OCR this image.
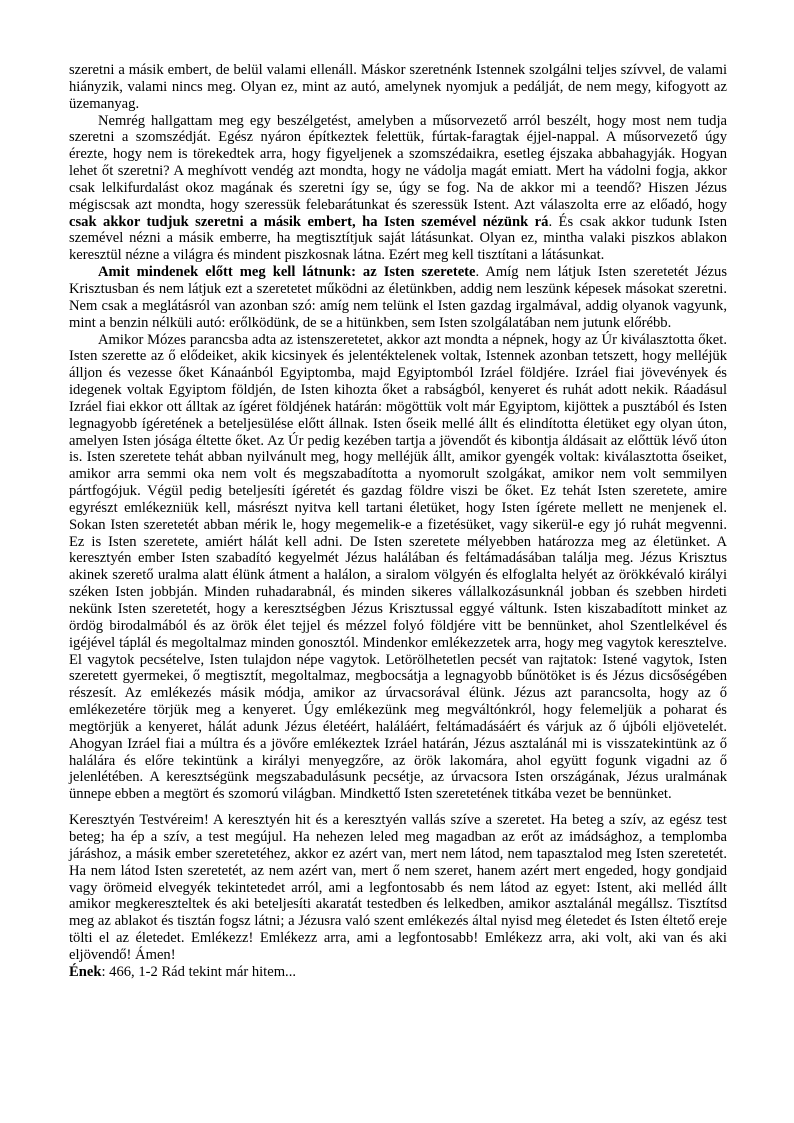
szeretni a másik embert, de belül valami ellenáll. Máskor szeretnénk Istennek szolgálni teljes szívvel, de valami hiányzik, valami nincs meg. Olyan ez, mint az autó, amelynek nyomjuk a pedálját, de nem megy, kifogyott az üzemanyag.

Nemrég hallgattam meg egy beszélgetést, amelyben a műsorvezető arról beszélt, hogy most nem tudja szeretni a szomszédját. Egész nyáron építkeztek felettük, fúrtak-faragtak éjjel-nappal. A műsorvezető úgy érezte, hogy nem is törekedtek arra, hogy figyeljenek a szomszédaikra, esetleg éjszaka abbahagyják. Hogyan lehet őt szeretni? A meghívott vendég azt mondta, hogy ne vádolja magát emiatt. Mert ha vádolni fogja, akkor csak lelkifurdalást okoz magának és szeretni így se, úgy se fog. Na de akkor mi a teendő? Hiszen Jézus mégiscsak azt mondta, hogy szeressük felebarátunkat és szeressük Istent. Azt válaszolta erre az előadó, hogy csak akkor tudjuk szeretni a másik embert, ha Isten szemével nézünk rá. És csak akkor tudunk Isten szemével nézni a másik emberre, ha megtisztítjuk saját látásunkat. Olyan ez, mintha valaki piszkos ablakon keresztül nézne a világra és mindent piszkosnak látna. Ezért meg kell tisztítani a látásunkat.

Amit mindenek előtt meg kell látnunk: az Isten szeretete. Amíg nem látjuk Isten szeretetét Jézus Krisztusban és nem látjuk ezt a szeretetet működni az életünkben, addig nem leszünk képesek másokat szeretni. Nem csak a meglátásról van azonban szó: amíg nem telünk el Isten gazdag irgalmával, addig olyanok vagyunk, mint a benzin nélküli autó: erőlködünk, de se a hitünkben, sem Isten szolgálatában nem jutunk előrébb.

Amikor Mózes parancsba adta az istenszeretetet, akkor azt mondta a népnek, hogy az Úr kiválasztotta őket. Isten szerette az ő elődeiket, akik kicsinyek és jelentéktelenek voltak, Istennek azonban tetszett, hogy melléjük álljon és vezesse őket Kánaánból Egyiptomba, majd Egyiptomból Izráel földjére. Izráel fiai jövevények és idegenek voltak Egyiptom földjén, de Isten kihozta őket a rabságból, kenyeret és ruhát adott nekik. Ráadásul Izráel fiai ekkor ott álltak az ígéret földjének határán: mögöttük volt már Egyiptom, kijöttek a pusztából és Isten legnagyobb ígéretének a beteljesülése előtt állnak. Isten őseik mellé állt és elindította életüket egy olyan úton, amelyen Isten jósága éltette őket. Az Úr pedig kezében tartja a jövendőt és kibontja áldásait az előttük lévő úton is. Isten szeretete tehát abban nyilvánult meg, hogy melléjük állt, amikor gyengék voltak: kiválasztotta őseiket, amikor arra semmi oka nem volt és megszabadította a nyomorult szolgákat, amikor nem volt semmilyen pártfogójuk. Végül pedig beteljesíti ígéretét és gazdag földre viszi be őket. Ez tehát Isten szeretete, amire egyrészt emlékezniük kell, másrészt nyitva kell tartani életüket, hogy Isten ígérete mellett ne menjenek el. Sokan Isten szeretetét abban mérik le, hogy megemelik-e a fizetésüket, vagy sikerül-e egy jó ruhát megvenni. Ez is Isten szeretete, amiért hálát kell adni. De Isten szeretete mélyebben határozza meg az életünket. A keresztyén ember Isten szabadító kegyelmét Jézus halálában és feltámadásában találja meg. Jézus Krisztus akinek szerető uralma alatt élünk átment a halálon, a siralom völgyén és elfoglalta helyét az örökkévaló királyi széken Isten jobbján. Minden ruhadarabnál, és minden sikeres vállalkozásunknál jobban és szebben hirdeti nekünk Isten szeretetét, hogy a keresztségben Jézus Krisztussal eggyé váltunk. Isten kiszabadított minket az ördög birodalmából és az örök élet tejjel és mézzel folyó földjére vitt be bennünket, ahol Szentlelkével és igéjével táplál és megoltalmaz minden gonosztól. Mindenkor emlékezzetek arra, hogy meg vagytok keresztelve. El vagytok pecsételve, Isten tulajdon népe vagytok. Letörölhetetlen pecsét van rajtatok: Istené vagytok, Isten szeretett gyermekei, ő megtisztít, megoltalmaz, megbocsátja a legnagyobb bűnötöket is és Jézus dicsőségében részesít. Az emlékezés másik módja, amikor az úrvacsorával élünk. Jézus azt parancsolta, hogy az ő emlékezetére törjük meg a kenyeret. Úgy emlékezünk meg megváltónkról, hogy felemeljük a poharat és megtörjük a kenyeret, hálát adunk Jézus életéért, haláláért, feltámadásáért és várjuk az ő újbóli eljövetelét. Ahogyan Izráel fiai a múltra és a jövőre emlékeztek Izráel határán, Jézus asztalánál mi is visszatekintünk az ő halálára és előre tekintünk a királyi menyegzőre, az örök lakomára, ahol együtt fogunk vigadni az ő jelenlétében. A keresztségünk megszabadulásunk pecsétje, az úrvacsora Isten országának, Jézus uralmának ünnepe ebben a megtört és szomorú világban. Mindkettő Isten szeretetének titkába vezet be bennünket.

Keresztyén Testvéreim! A keresztyén hit és a keresztyén vallás szíve a szeretet. Ha beteg a szív, az egész test beteg; ha ép a szív, a test megújul. Ha nehezen leled meg magadban az erőt az imádsághoz, a templomba járáshoz, a másik ember szeretetéhez, akkor ez azért van, mert nem látod, nem tapasztalod meg Isten szeretetét. Ha nem látod Isten szeretetét, az nem azért van, mert ő nem szeret, hanem azért mert engeded, hogy gondjaid vagy örömeid elvegyék tekintetedet arról, ami a legfontosabb és nem látod az egyet: Istent, aki melléd állt amikor megkereszteltek és aki beteljesíti akaratát testedben és lelkedben, amikor asztalánál megállsz. Tisztítsd meg az ablakot és tisztán fogsz látni; a Jézusra való szent emlékezés által nyisd meg életedet és Isten éltető ereje tölti el az életedet. Emlékezz! Emlékezz arra, ami a legfontosabb! Emlékezz arra, aki volt, aki van és aki eljövendő! Ámen!

Ének: 466, 1-2 Rád tekint már hitem...
